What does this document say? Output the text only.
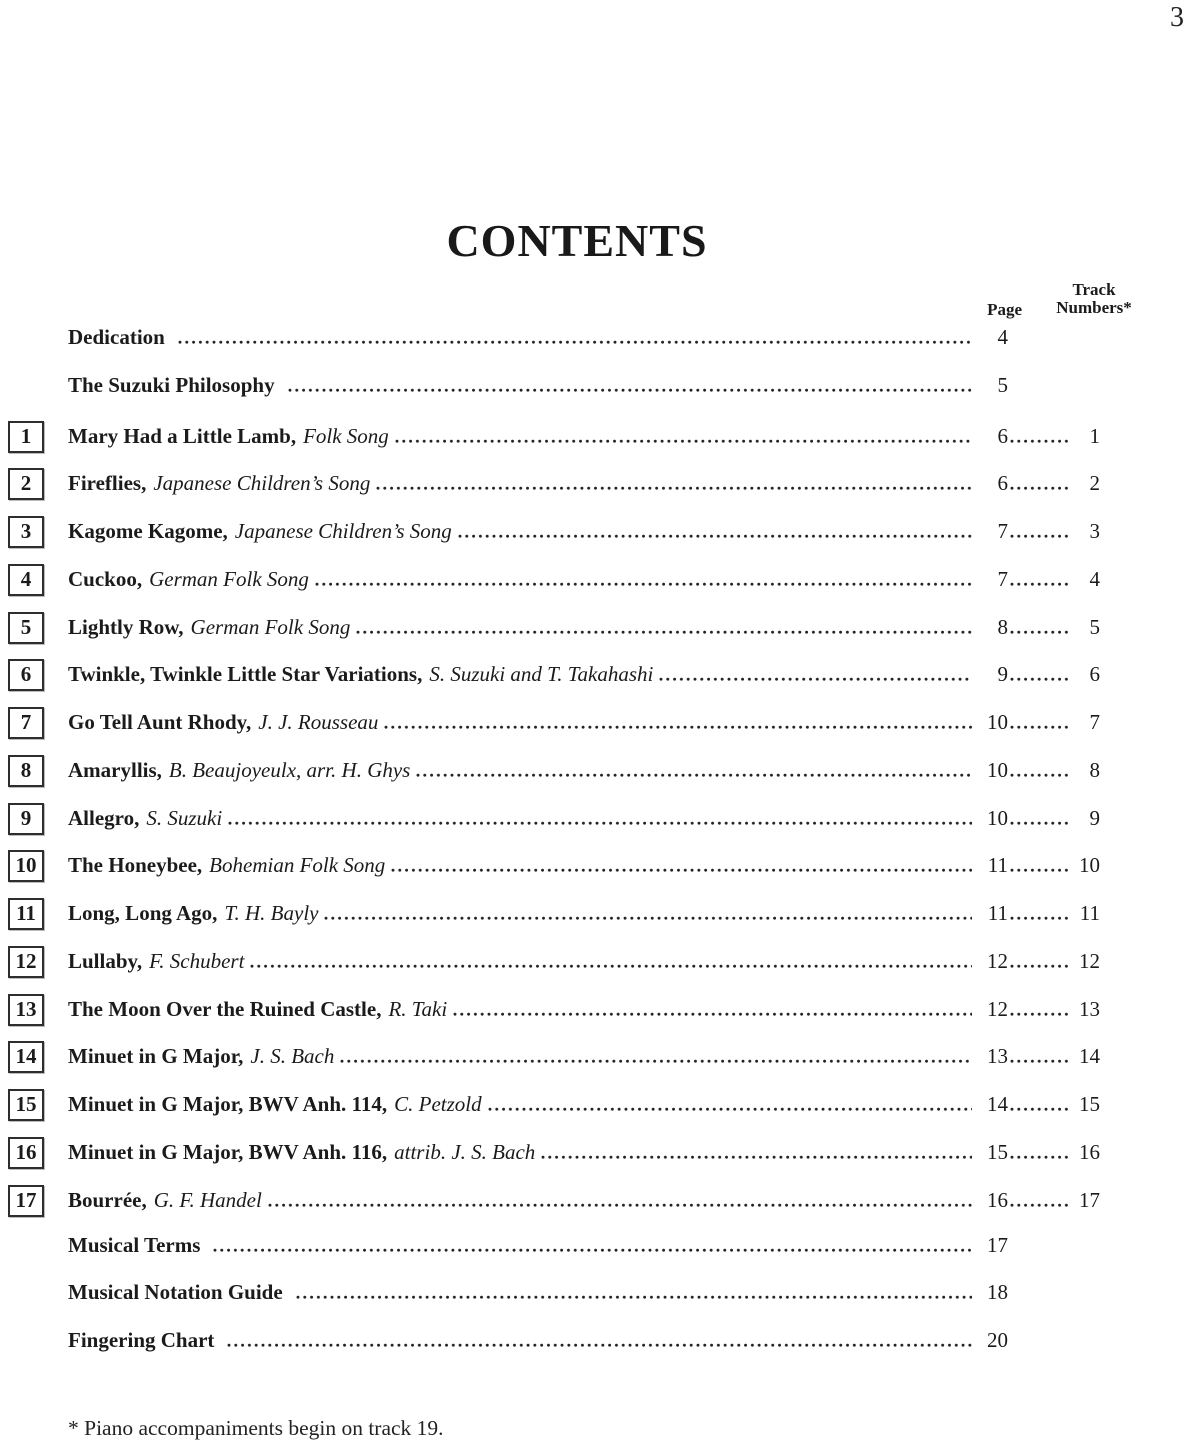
3
CONTENTS
Page
Track
Numbers*
Dedication	4
The Suzuki Philosophy	5
1	Mary Had a Little Lamb, Folk Song	6	1
2	Fireflies, Japanese Children’s Song	6	2
3	Kagome Kagome, Japanese Children’s Song	7	3
4	Cuckoo, German Folk Song	7	4
5	Lightly Row, German Folk Song	8	5
6	Twinkle, Twinkle Little Star Variations, S. Suzuki and T. Takahashi	9	6
7	Go Tell Aunt Rhody, J. J. Rousseau	10	7
8	Amaryllis, B. Beaujoyeulx, arr. H. Ghys	10	8
9	Allegro, S. Suzuki	10	9
10	The Honeybee, Bohemian Folk Song	11	10
11	Long, Long Ago, T. H. Bayly	11	11
12	Lullaby, F. Schubert	12	12
13	The Moon Over the Ruined Castle, R. Taki	12	13
14	Minuet in G Major, J. S. Bach	13	14
15	Minuet in G Major, BWV Anh. 114, C. Petzold	14	15
16	Minuet in G Major, BWV Anh. 116, attrib. J. S. Bach	15	16
17	Bourrée, G. F. Handel	16	17
Musical Terms	17
Musical Notation Guide	18
Fingering Chart	20
* Piano accompaniments begin on track 19.
